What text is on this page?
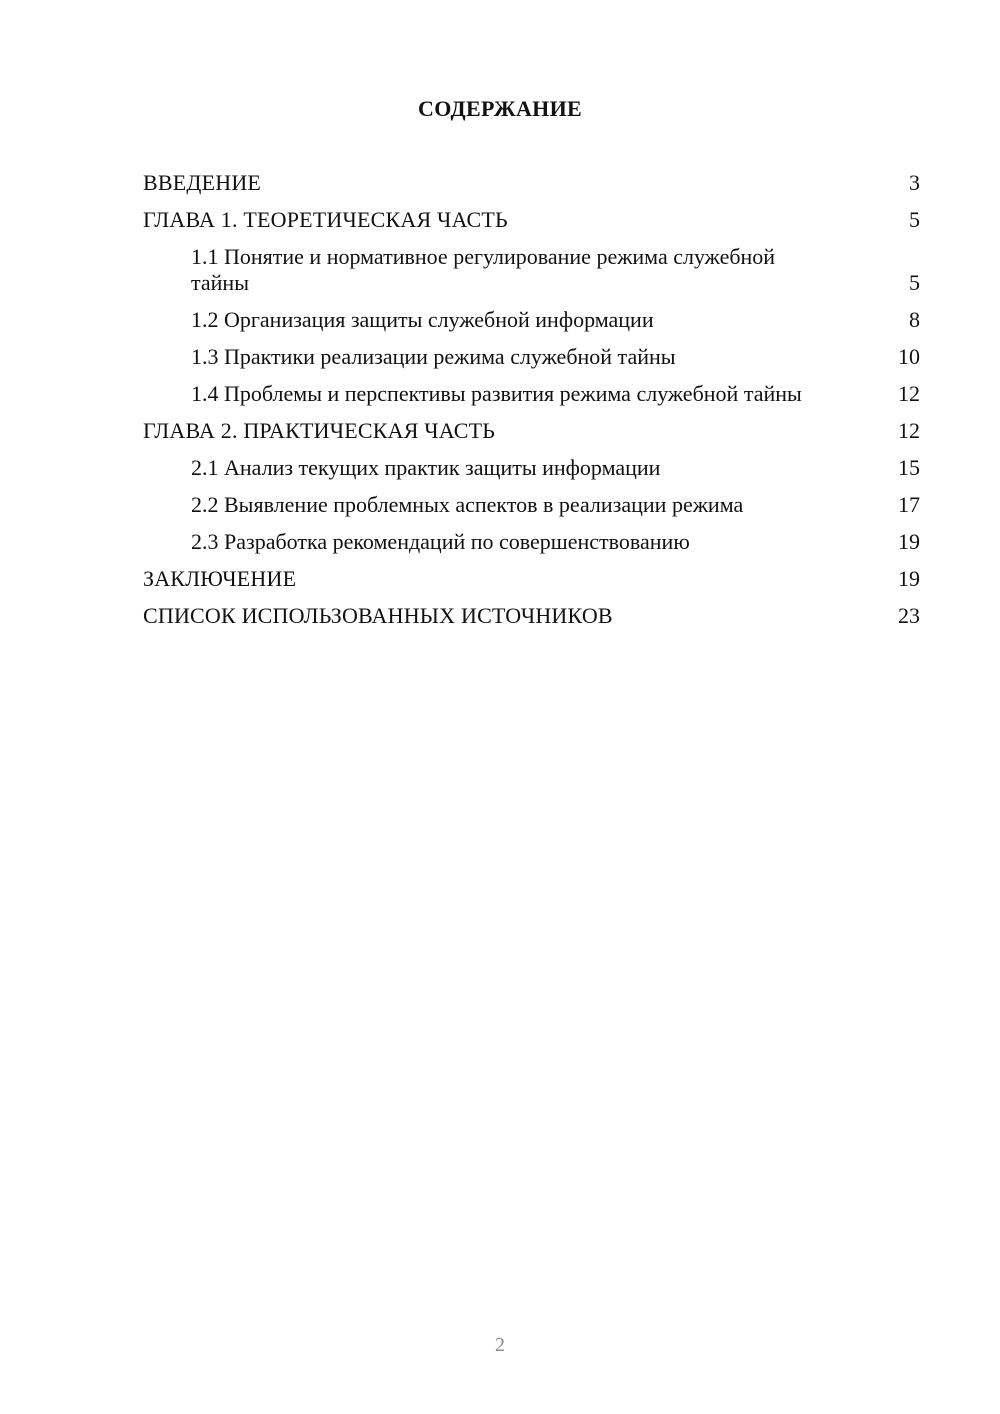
СОДЕРЖАНИЕ
ВВЕДЕНИЕ	3
ГЛАВА 1. ТЕОРЕТИЧЕСКАЯ ЧАСТЬ	5
1.1 Понятие и нормативное регулирование режима служебной тайны	5
1.2 Организация защиты служебной информации	8
1.3 Практики реализации режима служебной тайны	10
1.4 Проблемы и перспективы развития режима служебной тайны	12
ГЛАВА 2. ПРАКТИЧЕСКАЯ ЧАСТЬ	12
2.1 Анализ текущих практик защиты информации	15
2.2 Выявление проблемных аспектов в реализации режима	17
2.3 Разработка рекомендаций по совершенствованию	19
ЗАКЛЮЧЕНИЕ	19
СПИСОК ИСПОЛЬЗОВАННЫХ ИСТОЧНИКОВ	23
2
